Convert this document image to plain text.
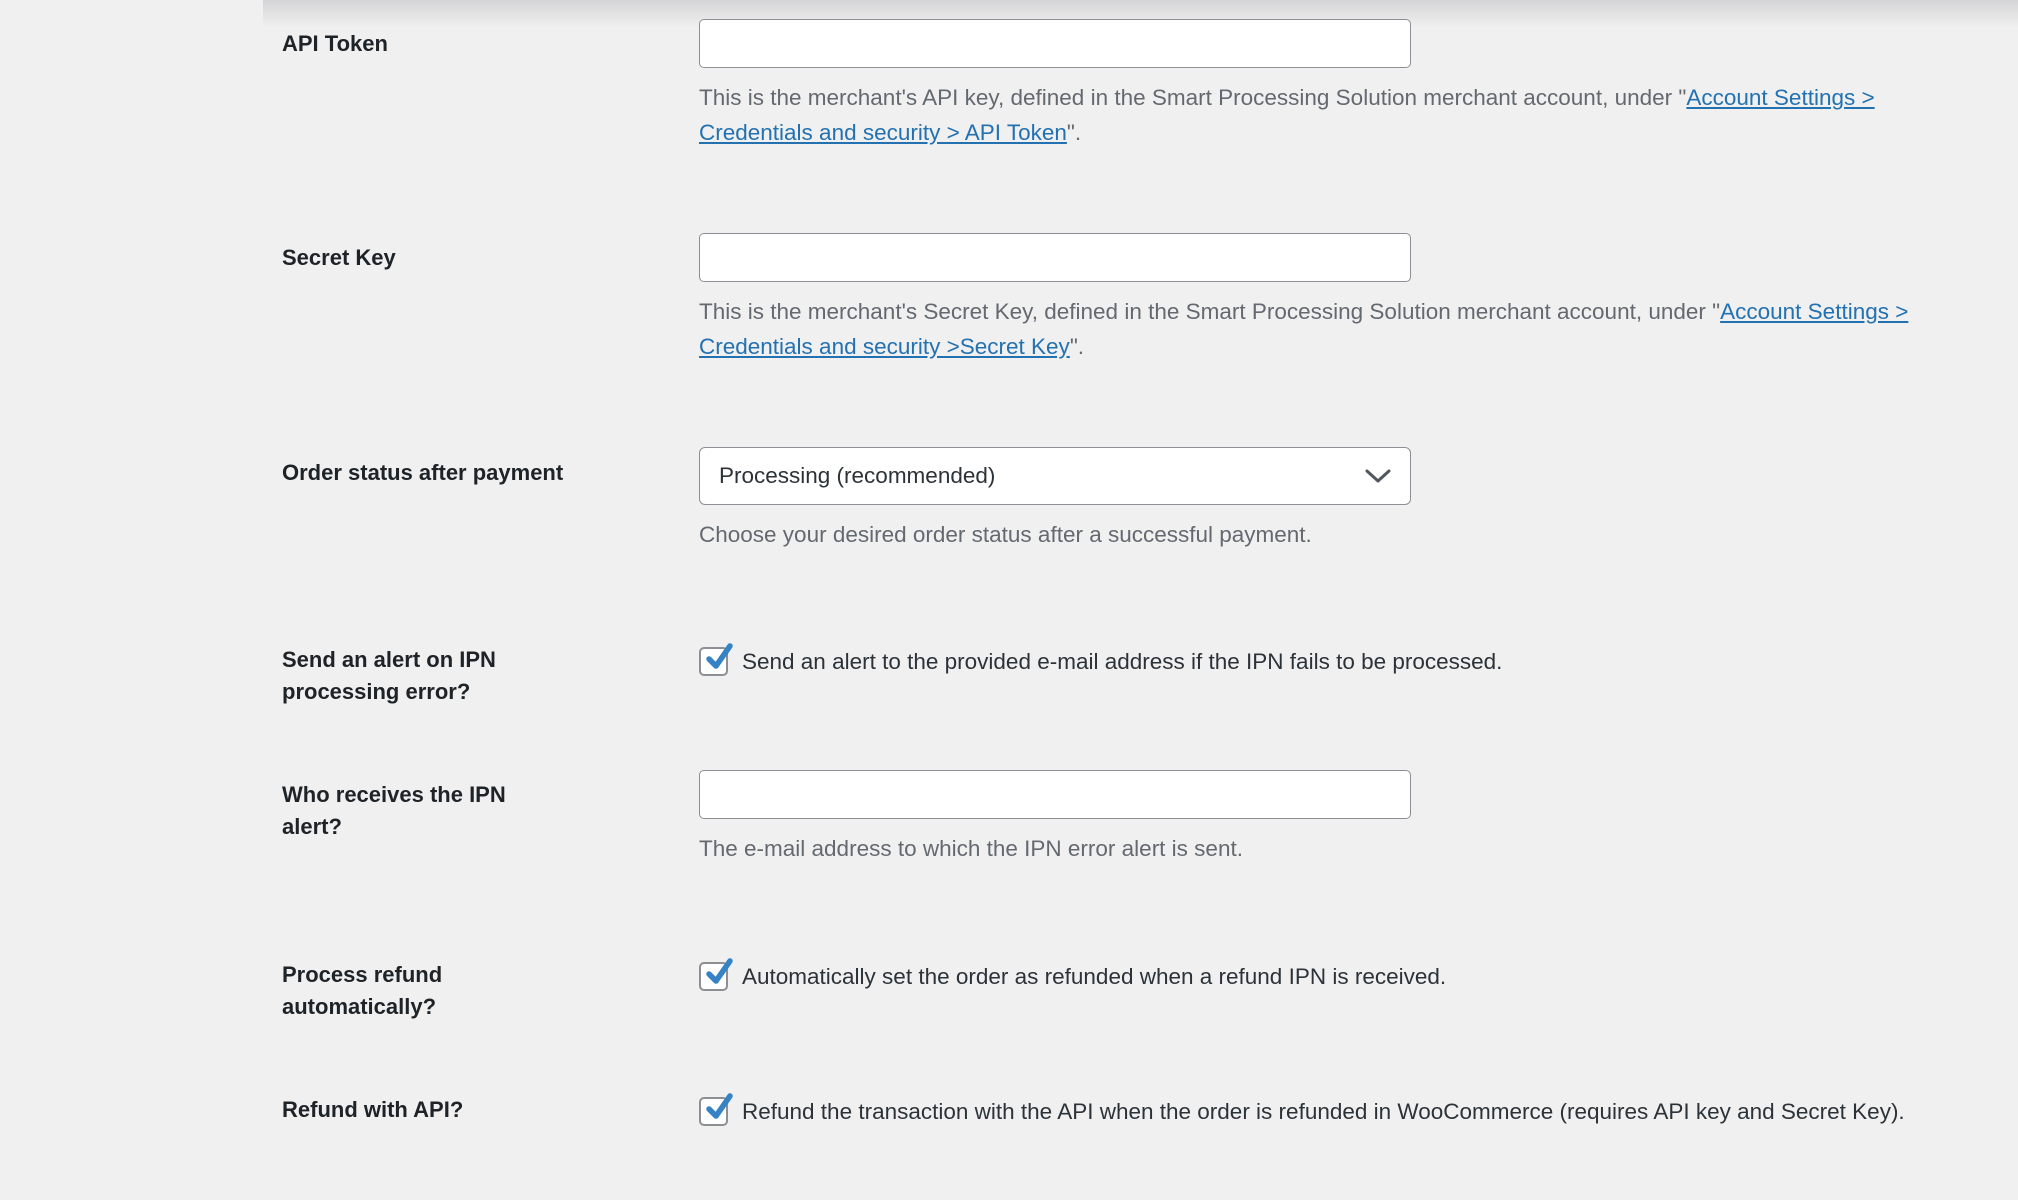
API Token

This is the merchant's API key, defined in the Smart Processing Solution merchant account, under "Account Settings > Credentials and security > API Token".

Secret Key

This is the merchant's Secret Key, defined in the Smart Processing Solution merchant account, under "Account Settings > Credentials and security >Secret Key".

Order status after payment	Processing (recommended)

Choose your desired order status after a successful payment.

Send an alert on IPN processing error?
Send an alert to the provided e-mail address if the IPN fails to be processed.
Who receives the IPN alert?

The e-mail address to which the IPN error alert is sent.

Process refund automatically?
Automatically set the order as refunded when a refund IPN is received.
Refund with API?	Refund the transaction with the API when the order is refunded in WooCommerce (requires API key and Secret Key).
